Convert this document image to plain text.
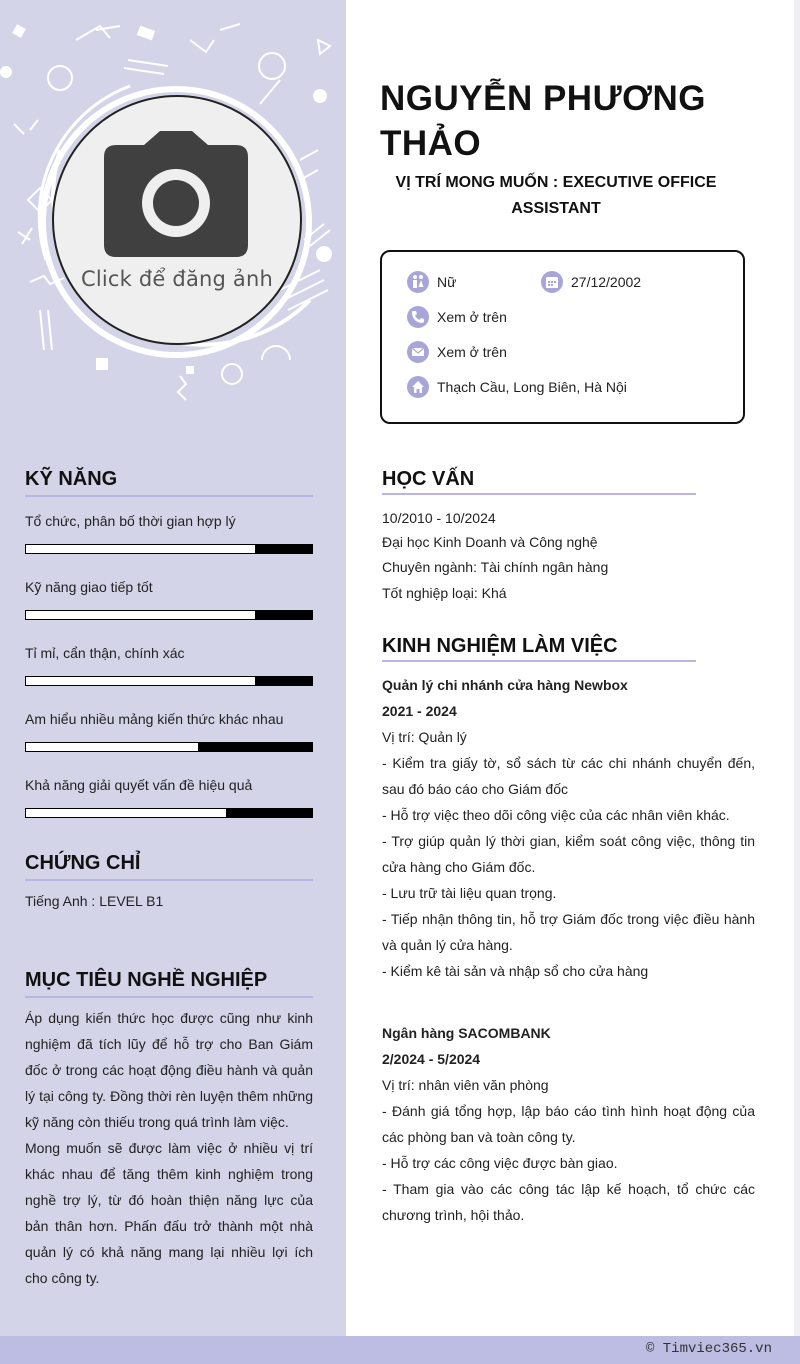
Click để đăng ảnh
KỸ NĂNG
Tổ chức, phân bố thời gian hợp lý
Kỹ năng giao tiếp tốt
Tỉ mỉ, cẩn thận, chính xác
Am hiểu nhiều mảng kiến thức khác nhau
Khả năng giải quyết vấn đề hiệu quả
CHỨNG CHỈ
Tiếng Anh : LEVEL B1
MỤC TIÊU NGHỀ NGHIỆP
Áp dụng kiến thức học được cũng như kinh nghiệm đã tích lũy để hỗ trợ cho Ban Giám đốc ở trong các hoạt động điều hành và quản lý tại công ty. Đồng thời rèn luyện thêm những kỹ năng còn thiếu trong quá trình làm việc.
Mong muốn sẽ được làm việc ở nhiều vị trí khác nhau để tăng thêm kinh nghiệm trong nghề trợ lý, từ đó hoàn thiện năng lực của bản thân hơn. Phấn đấu trở thành một nhà quản lý có khả năng mang lại nhiều lợi ích cho công ty.
NGUYỄN PHƯƠNG THẢO
VỊ TRÍ MONG MUỐN : EXECUTIVE OFFICE ASSISTANT
Nữ	27/12/2002
Xem ở trên
Xem ở trên
Thạch Cầu, Long Biên, Hà Nội
HỌC VẤN
10/2010 - 10/2024
Đại học Kinh Doanh và Công nghệ
Chuyên ngành: Tài chính ngân hàng
Tốt nghiệp loại: Khá
KINH NGHIỆM LÀM VIỆC
Quản lý chi nhánh cửa hàng Newbox
2021 - 2024
Vị trí: Quản lý
- Kiểm tra giấy tờ, sổ sách từ các chi nhánh chuyển đến, sau đó báo cáo cho Giám đốc
- Hỗ trợ việc theo dõi công việc của các nhân viên khác.
- Trợ giúp quản lý thời gian, kiểm soát công việc, thông tin cửa hàng cho Giám đốc.
- Lưu trữ tài liệu quan trọng.
- Tiếp nhận thông tin, hỗ trợ Giám đốc trong việc điều hành và quản lý cửa hàng.
- Kiểm kê tài sản và nhập sổ cho cửa hàng
Ngân hàng SACOMBANK
2/2024 - 5/2024
Vị trí: nhân viên văn phòng
- Đánh giá tổng hợp, lập báo cáo tình hình hoạt động của các phòng ban và toàn công ty.
- Hỗ trợ các công việc được bàn giao.
- Tham gia vào các công tác lập kế hoạch, tổ chức các chương trình, hội thảo.
© Timviec365.vn
